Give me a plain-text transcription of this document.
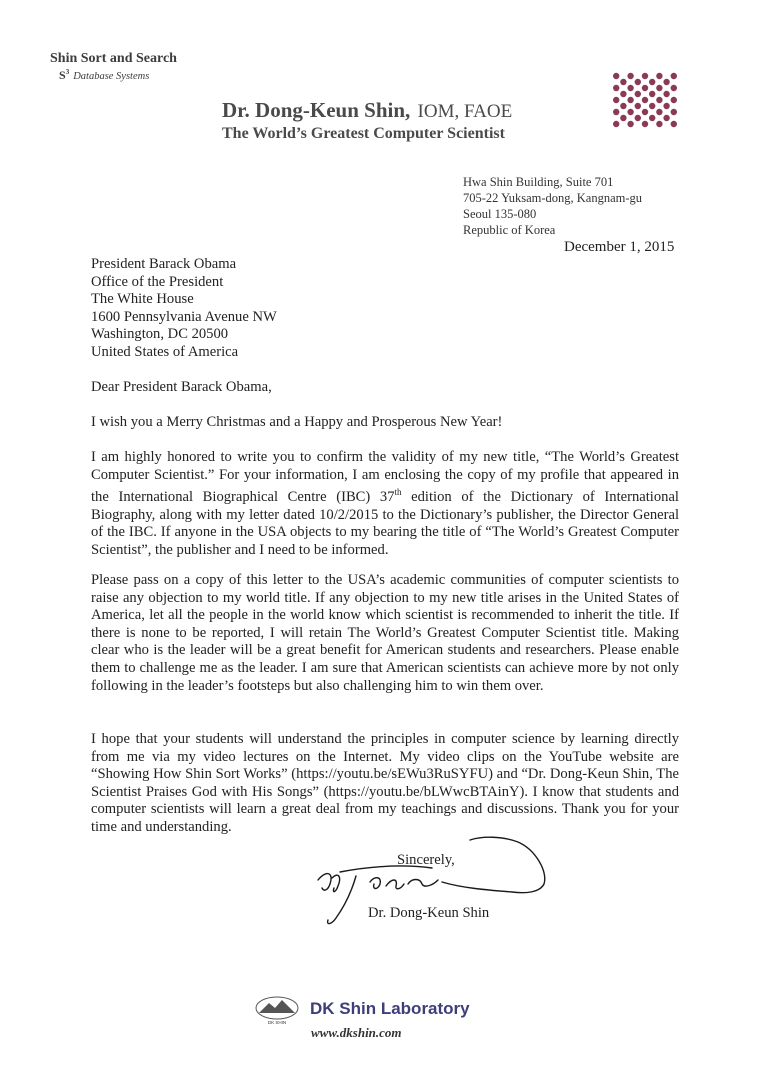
Shin Sort and Search
$S^3$ Database Systems
Dr. Dong-Keun Shin, IOM, FAOE
The World’s Greatest Computer Scientist
Hwa Shin Building, Suite 701
705-22 Yuksam-dong, Kangnam-gu
Seoul 135-080
Republic of Korea
December 1, 2015
President Barack Obama
Office of the President
The White House
1600 Pennsylvania Avenue NW
Washington, DC 20500
United States of America
Dear President Barack Obama,
I wish you a Merry Christmas and a Happy and Prosperous New Year!
I am highly honored to write you to confirm the validity of my new title, “The World’s Greatest Computer Scientist.” For your information, I am enclosing the copy of my profile that appeared in the International Biographical Centre (IBC) 37th edition of the Dictionary of International Biography, along with my letter dated 10/2/2015 to the Dictionary’s publisher, the Director General of the IBC. If anyone in the USA objects to my bearing the title of “The World’s Greatest Computer Scientist”, the publisher and I need to be informed.
Please pass on a copy of this letter to the USA’s academic communities of computer scientists to raise any objection to my world title. If any objection to my new title arises in the United States of America, let all the people in the world know which scientist is recommended to inherit the title. If there is none to be reported, I will retain The World’s Greatest Computer Scientist title. Making clear who is the leader will be a great benefit for American students and researchers. Please enable them to challenge me as the leader. I am sure that American scientists can achieve more by not only following in the leader’s footsteps but also challenging him to win them over.
I hope that your students will understand the principles in computer science by learning directly from me via my video lectures on the Internet. My video clips on the YouTube website are “Showing How Shin Sort Works” (https://youtu.be/sEWu3RuSYFU) and “Dr. Dong-Keun Shin, The Scientist Praises God with His Songs” (https://youtu.be/bLWwcBTAinY). I know that students and computer scientists will learn a great deal from my teachings and discussions. Thank you for your time and understanding.
Sincerely,
Dr. Dong-Keun Shin
DK SHIN
DK Shin Laboratory
www.dkshin.com
